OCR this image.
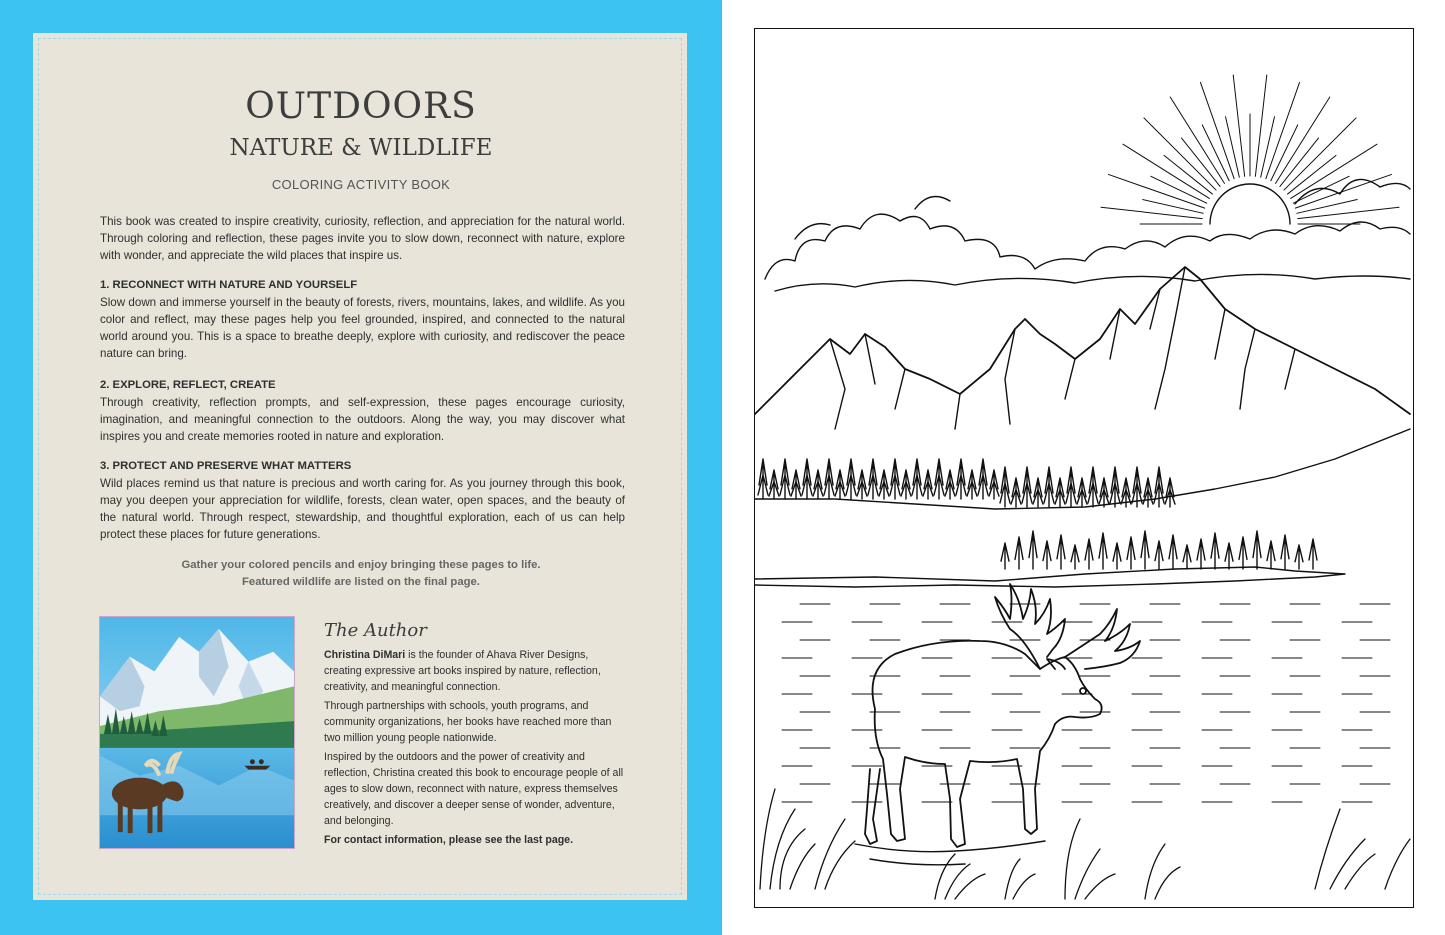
OUTDOORS
NATURE & WILDLIFE
COLORING ACTIVITY BOOK
This book was created to inspire creativity, curiosity, reflection, and appreciation for the natural world. Through coloring and reflection, these pages invite you to slow down, reconnect with nature, explore with wonder, and appreciate the wild places that inspire us.
1. RECONNECT WITH NATURE AND YOURSELF
Slow down and immerse yourself in the beauty of forests, rivers, mountains, lakes, and wildlife. As you color and reflect, may these pages help you feel grounded, inspired, and connected to the natural world around you. This is a space to breathe deeply, explore with curiosity, and rediscover the peace nature can bring.
2. EXPLORE, REFLECT, CREATE
Through creativity, reflection prompts, and self-expression, these pages encourage curiosity, imagination, and meaningful connection to the outdoors. Along the way, you may discover what inspires you and create memories rooted in nature and exploration.
3. PROTECT AND PRESERVE WHAT MATTERS
Wild places remind us that nature is precious and worth caring for. As you journey through this book, may you deepen your appreciation for wildlife, forests, clean water, open spaces, and the beauty of the natural world. Through respect, stewardship, and thoughtful exploration, each of us can help protect these places for future generations.
Gather your colored pencils and enjoy bringing these pages to life.
Featured wildlife are listed on the final page.
The Author
Christina DiMari is the founder of Ahava River Designs, creating expressive art books inspired by nature, reflection, creativity, and meaningful connection.
Through partnerships with schools, youth programs, and community organizations, her books have reached more than two million young people nationwide.
Inspired by the outdoors and the power of creativity and reflection, Christina created this book to encourage people of all ages to slow down, reconnect with nature, express themselves creatively, and discover a deeper sense of wonder, adventure, and belonging.
For contact information, please see the last page.
